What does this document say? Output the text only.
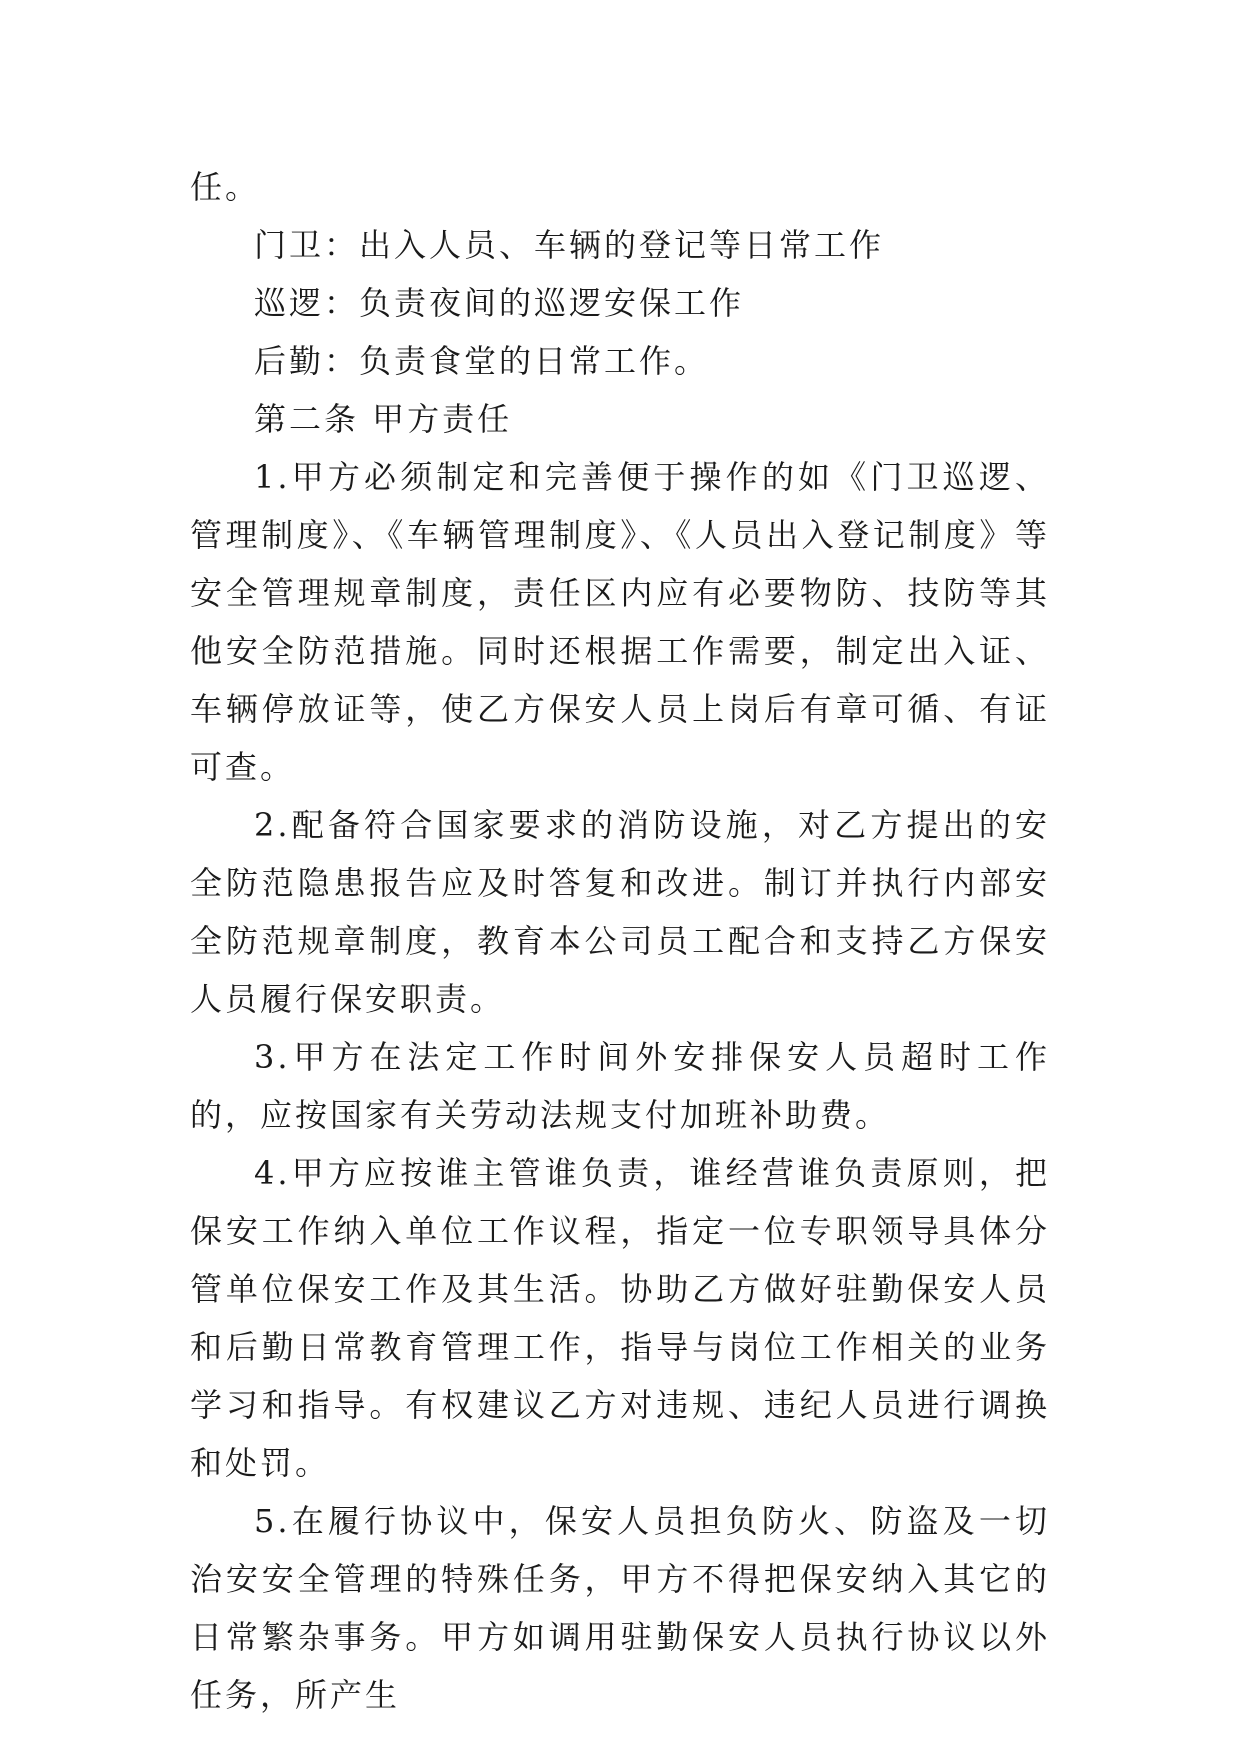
任。

门卫：出入人员、车辆的登记等日常工作

巡逻：负责夜间的巡逻安保工作

后勤：负责食堂的日常工作。

第二条 甲方责任

1.甲方必须制定和完善便于操作的如《门卫巡逻、管理制度》、《车辆管理制度》、《人员出入登记制度》等安全管理规章制度，责任区内应有必要物防、技防等其他安全防范措施。同时还根据工作需要，制定出入证、车辆停放证等，使乙方保安人员上岗后有章可循、有证可查。

2.配备符合国家要求的消防设施，对乙方提出的安全防范隐患报告应及时答复和改进。制订并执行内部安全防范规章制度，教育本公司员工配合和支持乙方保安人员履行保安职责。

3.甲方在法定工作时间外安排保安人员超时工作的，应按国家有关劳动法规支付加班补助费。

4.甲方应按谁主管谁负责，谁经营谁负责原则，把保安工作纳入单位工作议程，指定一位专职领导具体分管单位保安工作及其生活。协助乙方做好驻勤保安人员和后勤日常教育管理工作，指导与岗位工作相关的业务学习和指导。有权建议乙方对违规、违纪人员进行调换和处罚。

5.在履行协议中，保安人员担负防火、防盗及一切治安安全管理的特殊任务，甲方不得把保安纳入其它的日常繁杂事务。甲方如调用驻勤保安人员执行协议以外任务，所产生
